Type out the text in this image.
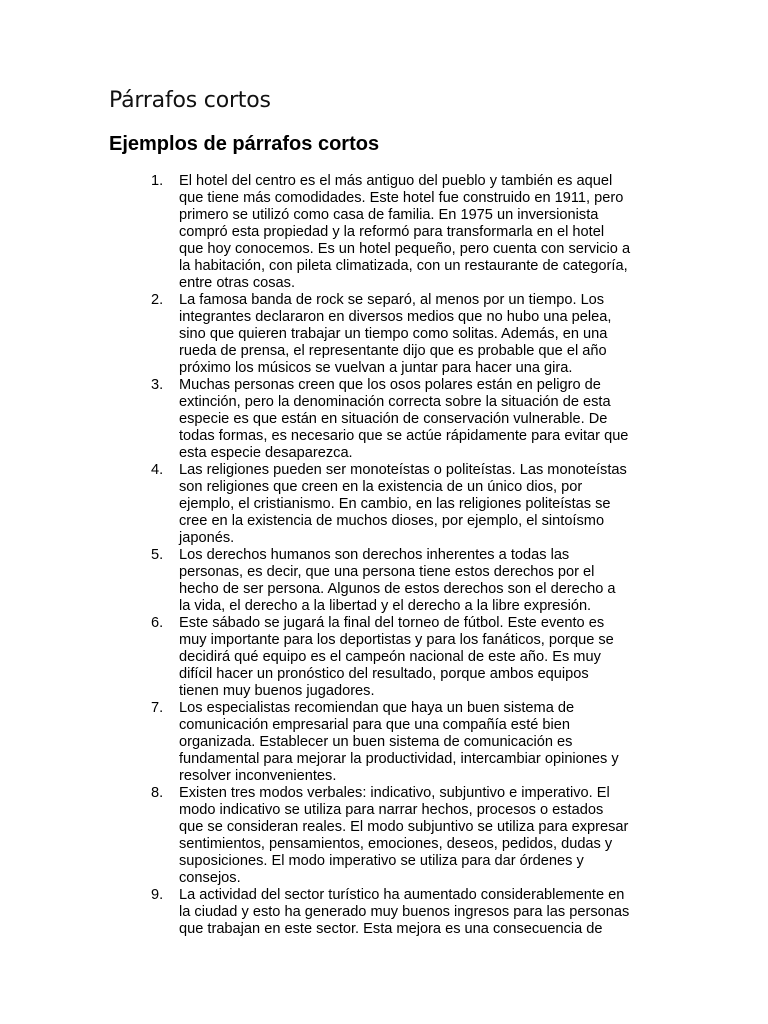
Párrafos cortos
Ejemplos de párrafos cortos
1.	El hotel del centro es el más antiguo del pueblo y también es aquel
que tiene más comodidades. Este hotel fue construido en 1911, pero
primero se utilizó como casa de familia. En 1975 un inversionista
compró esta propiedad y la reformó para transformarla en el hotel
que hoy conocemos. Es un hotel pequeño, pero cuenta con servicio a
la habitación, con pileta climatizada, con un restaurante de categoría,
entre otras cosas.
2.	La famosa banda de rock se separó, al menos por un tiempo. Los
integrantes declararon en diversos medios que no hubo una pelea,
sino que quieren trabajar un tiempo como solitas. Además, en una
rueda de prensa, el representante dijo que es probable que el año
próximo los músicos se vuelvan a juntar para hacer una gira.
3.	Muchas personas creen que los osos polares están en peligro de
extinción, pero la denominación correcta sobre la situación de esta
especie es que están en situación de conservación vulnerable. De
todas formas, es necesario que se actúe rápidamente para evitar que
esta especie desaparezca.
4.	Las religiones pueden ser monoteístas o politeístas. Las monoteístas
son religiones que creen en la existencia de un único dios, por
ejemplo, el cristianismo. En cambio, en las religiones politeístas se
cree en la existencia de muchos dioses, por ejemplo, el sintoísmo
japonés.
5.	Los derechos humanos son derechos inherentes a todas las
personas, es decir, que una persona tiene estos derechos por el
hecho de ser persona. Algunos de estos derechos son el derecho a
la vida, el derecho a la libertad y el derecho a la libre expresión.
6.	Este sábado se jugará la final del torneo de fútbol. Este evento es
muy importante para los deportistas y para los fanáticos, porque se
decidirá qué equipo es el campeón nacional de este año. Es muy
difícil hacer un pronóstico del resultado, porque ambos equipos
tienen muy buenos jugadores.
7.	Los especialistas recomiendan que haya un buen sistema de
comunicación empresarial para que una compañía esté bien
organizada. Establecer un buen sistema de comunicación es
fundamental para mejorar la productividad, intercambiar opiniones y
resolver inconvenientes.
8.	Existen tres modos verbales: indicativo, subjuntivo e imperativo. El
modo indicativo se utiliza para narrar hechos, procesos o estados
que se consideran reales. El modo subjuntivo se utiliza para expresar
sentimientos, pensamientos, emociones, deseos, pedidos, dudas y
suposiciones. El modo imperativo se utiliza para dar órdenes y
consejos.
9.	La actividad del sector turístico ha aumentado considerablemente en
la ciudad y esto ha generado muy buenos ingresos para las personas
que trabajan en este sector. Esta mejora es una consecuencia de
